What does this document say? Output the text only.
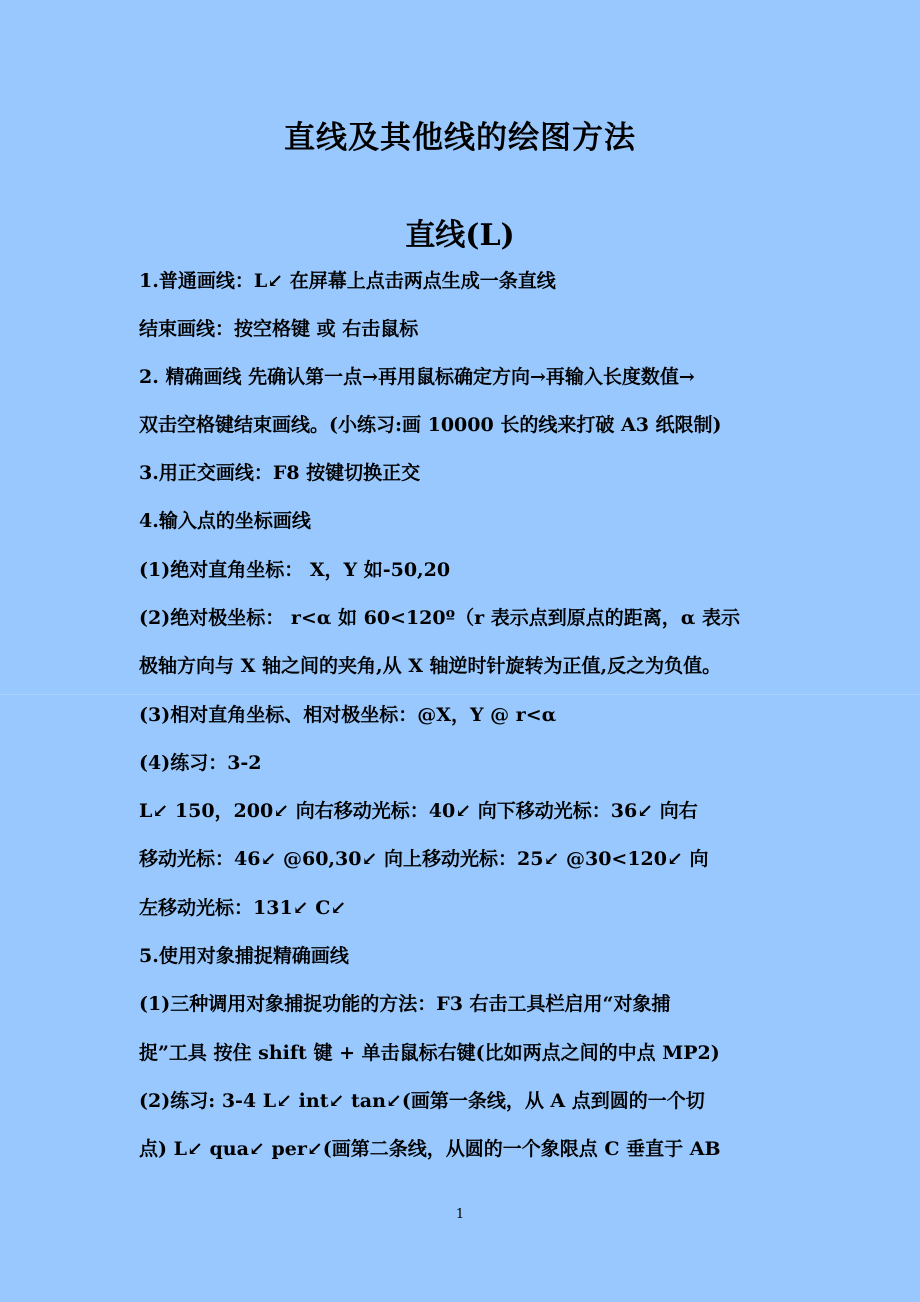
直线及其他线的绘图方法
直线(L)
1.普通画线：L↙ 在屏幕上点击两点生成一条直线
结束画线：按空格键 或 右击鼠标
2. 精确画线 先确认第一点→再用鼠标确定方向→再输入长度数值→
双击空格键结束画线。(小练习:画 10000 长的线来打破 A3 纸限制)
3.用正交画线：F8 按键切换正交
4.输入点的坐标画线
(1)绝对直角坐标： X，Y 如-50,20
(2)绝对极坐标： r<α 如 60<120º（r 表示点到原点的距离，α 表示
极轴方向与 X 轴之间的夹角,从 X 轴逆时针旋转为正值,反之为负值。
(3)相对直角坐标、相对极坐标：@X，Y @ r<α
(4)练习：3-2
L↙ 150，200↙ 向右移动光标：40↙ 向下移动光标：36↙ 向右
移动光标：46↙ @60,30↙ 向上移动光标：25↙ @30<120↙ 向
左移动光标：131↙ C↙
5.使用对象捕捉精确画线
(1)三种调用对象捕捉功能的方法：F3 右击工具栏启用“对象捕
捉”工具 按住 shift 键 + 单击鼠标右键(比如两点之间的中点 MP2)
(2)练习: 3-4 L↙ int↙ tan↙(画第一条线，从 A 点到圆的一个切
点) L↙ qua↙ per↙(画第二条线，从圆的一个象限点 C 垂直于 AB
1
